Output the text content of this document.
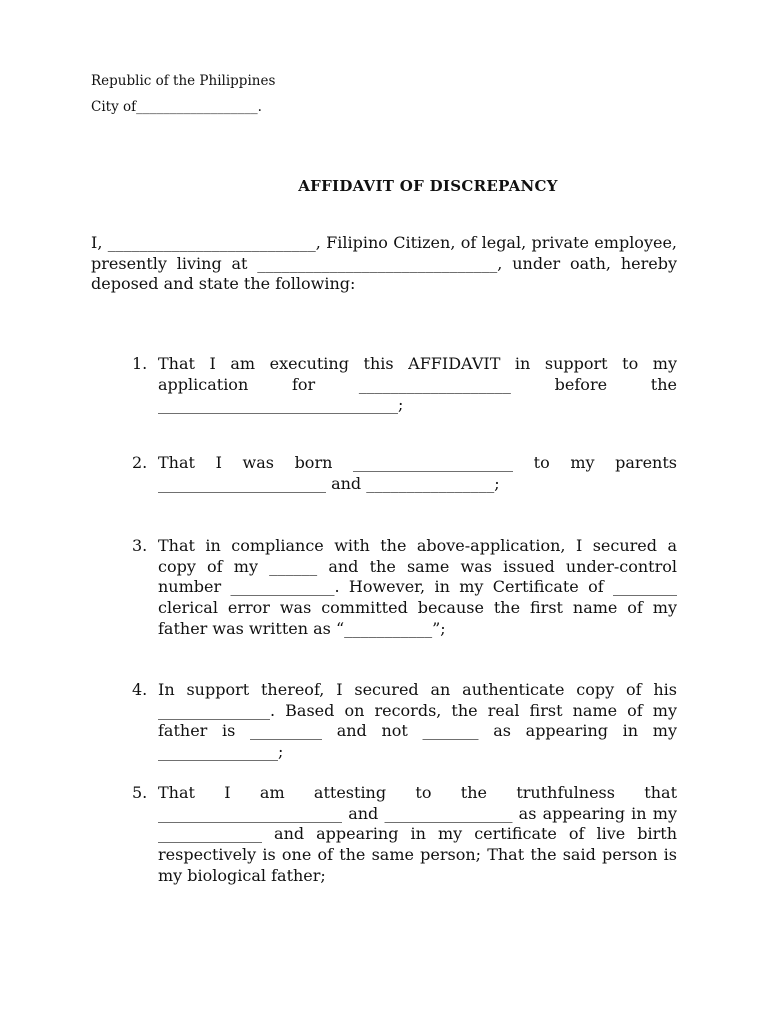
Republic of the Philippines
City of__________________.
AFFIDAVIT OF DISCREPANCY

I, __________________________, Filipino Citizen, of legal, private employee, presently living at ______________________________, under oath, hereby deposed and state the following:

1. That I am executing this AFFIDAVIT in support to my application for ___________________ before the ______________________________;
2. That I was born ____________________ to my parents _____________________ and ________________;
3. That in compliance with the above-application, I secured a copy of my ______ and the same was issued under-control number _____________. However, in my Certificate of ________ clerical error was committed because the first name of my father was written as “___________”;
4. In support thereof, I secured an authenticate copy of his ______________. Based on records, the real first name of my father is _________ and not _______ as appearing in my _______________;
5. That I am attesting to the truthfulness that _______________________ and ________________ as appearing in my _____________ and appearing in my certificate of live birth respectively is one of the same person; That the said person is my biological father;
